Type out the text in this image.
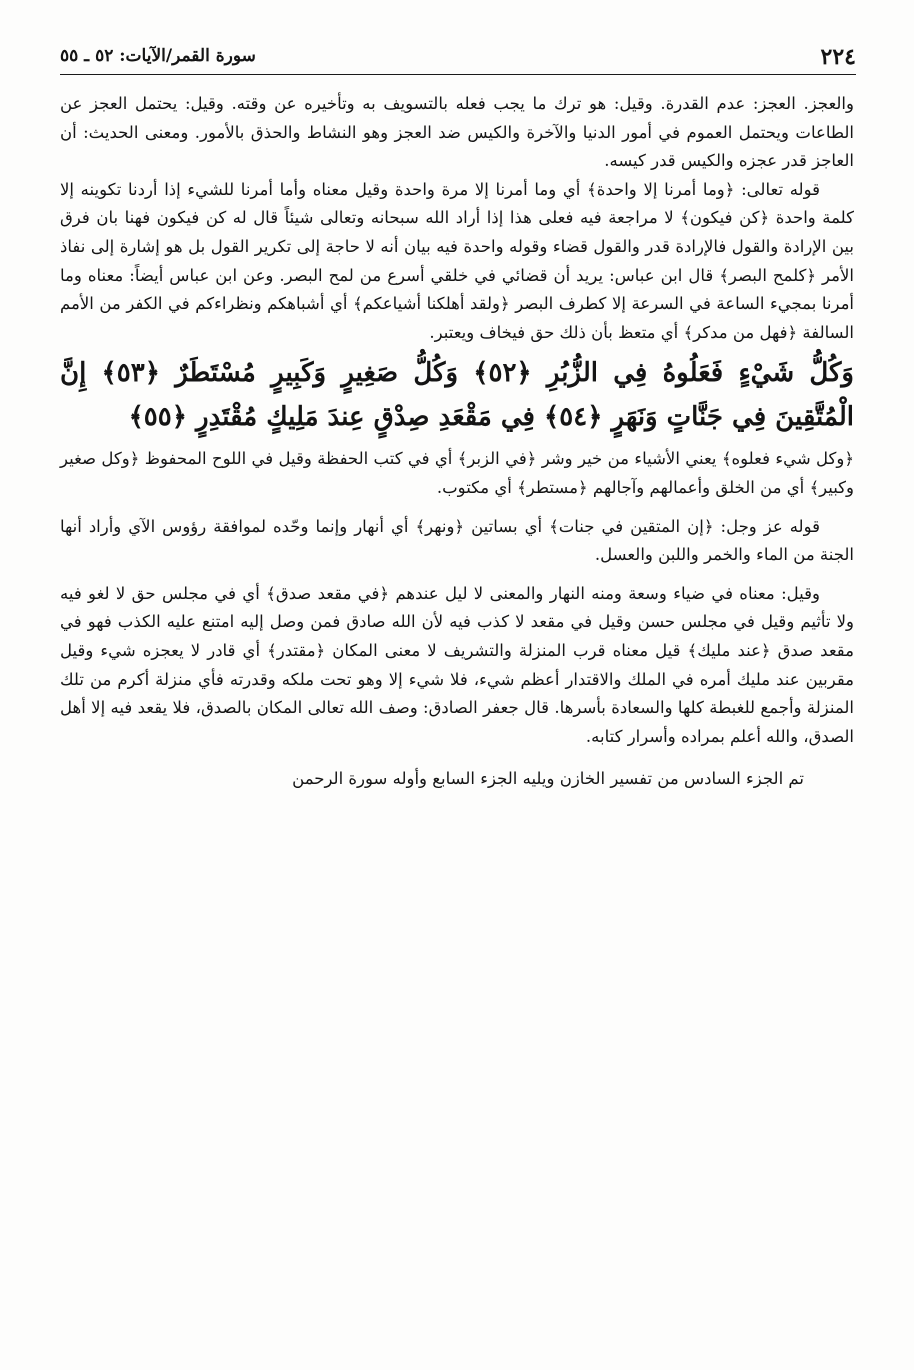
٢٢٤
سورة القمر/الآيات: ٥٢ ـ ٥٥

والعجز. العجز: عدم القدرة. وقيل: هو ترك ما يجب فعله بالتسويف به وتأخيره عن وقته. وقيل: يحتمل العجز عن الطاعات ويحتمل العموم في أمور الدنيا والآخرة والكيس ضد العجز وهو النشاط والحذق بالأمور. ومعنى الحديث: أن العاجز قدر عجزه والكيس قدر كيسه.

قوله تعالى: ﴿وما أمرنا إلا واحدة﴾ أي وما أمرنا إلا مرة واحدة وقيل معناه وأما أمرنا للشيء إذا أردنا تكوينه إلا كلمة واحدة ﴿كن فيكون﴾ لا مراجعة فيه فعلى هذا إذا أراد الله سبحانه وتعالى شيئاً قال له كن فيكون فهنا بان فرق بين الإرادة والقول فالإرادة قدر والقول قضاء وقوله واحدة فيه بيان أنه لا حاجة إلى تكرير القول بل هو إشارة إلى نفاذ الأمر ﴿كلمح البصر﴾ قال ابن عباس: يريد أن قضائي في خلقي أسرع من لمح البصر. وعن ابن عباس أيضاً: معناه وما أمرنا بمجيء الساعة في السرعة إلا كطرف البصر ﴿ولقد أهلكنا أشياعكم﴾ أي أشباهكم ونظراءكم في الكفر من الأمم السالفة ﴿فهل من مدكر﴾ أي متعظ بأن ذلك حق فيخاف ويعتبر.

وَكُلُّ شَيْءٍ فَعَلُوهُ فِي الزُّبُرِ ﴿٥٢﴾ وَكُلُّ صَغِيرٍ وَكَبِيرٍ مُسْتَطَرٌ ﴿٥٣﴾ إِنَّ الْمُتَّقِينَ فِي جَنَّاتٍ وَنَهَرٍ ﴿٥٤﴾ فِي مَقْعَدِ صِدْقٍ عِندَ مَلِيكٍ مُقْتَدِرٍ ﴿٥٥﴾

﴿وكل شيء فعلوه﴾ يعني الأشياء من خير وشر ﴿في الزبر﴾ أي في كتب الحفظة وقيل في اللوح المحفوظ ﴿وكل صغير وكبير﴾ أي من الخلق وأعمالهم وآجالهم ﴿مستطر﴾ أي مكتوب.

قوله عز وجل: ﴿إن المتقين في جنات﴾ أي بساتين ﴿ونهر﴾ أي أنهار وإنما وحّده لموافقة رؤوس الآي وأراد أنها الجنة من الماء والخمر واللبن والعسل.

وقيل: معناه في ضياء وسعة ومنه النهار والمعنى لا ليل عندهم ﴿في مقعد صدق﴾ أي في مجلس حق لا لغو فيه ولا تأثيم وقيل في مجلس حسن وقيل في مقعد لا كذب فيه لأن الله صادق فمن وصل إليه امتنع عليه الكذب فهو في مقعد صدق ﴿عند مليك﴾ قيل معناه قرب المنزلة والتشريف لا معنى المكان ﴿مقتدر﴾ أي قادر لا يعجزه شيء وقيل مقربين عند مليك أمره في الملك والاقتدار أعظم شيء، فلا شيء إلا وهو تحت ملكه وقدرته فأي منزلة أكرم من تلك المنزلة وأجمع للغبطة كلها والسعادة بأسرها. قال جعفر الصادق: وصف الله تعالى المكان بالصدق، فلا يقعد فيه إلا أهل الصدق، والله أعلم بمراده وأسرار كتابه.

تم الجزء السادس من تفسير الخازن ويليه الجزء السابع وأوله سورة الرحمن
